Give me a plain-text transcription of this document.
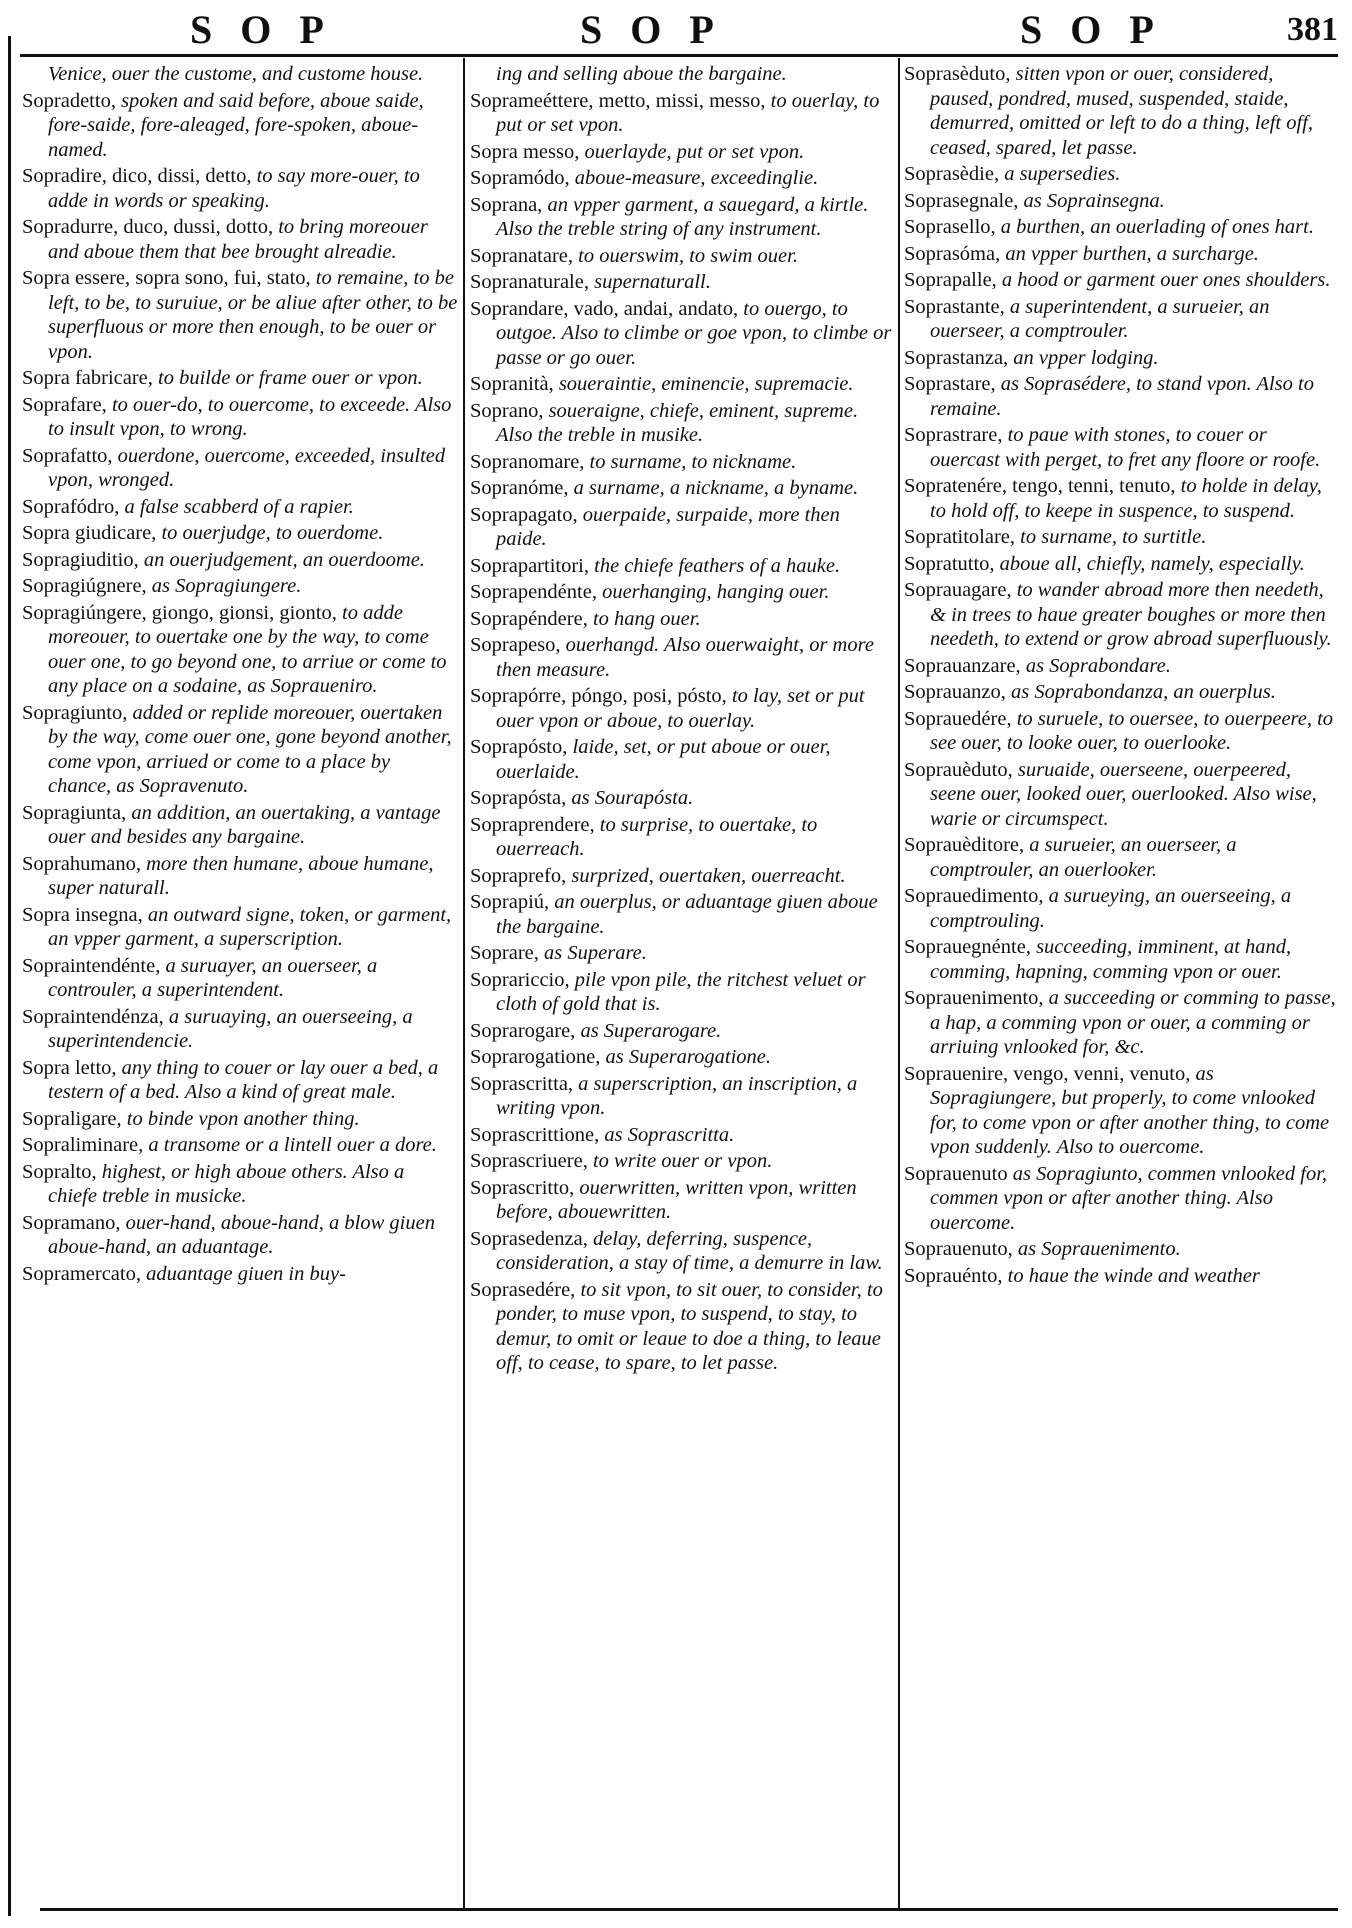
SOP	SOP	SOP	381

Venice, ouer the custome, and custome house.

Sopradetto, spoken and said before, aboue saide, fore-saide, fore-aleaged, fore-spoken, aboue-named.

Sopradire, dico, dissi, detto, to say more-ouer, to adde in words or speaking.

Sopradurre, duco, dussi, dotto, to bring moreouer and aboue them that bee brought alreadie.

Sopra essere, sopra sono, fui, stato, to remaine, to be left, to be, to suruiue, or be aliue after other, to be superfluous or more then enough, to be ouer or vpon.

Sopra fabricare, to builde or frame ouer or vpon.

Soprafare, to ouer-do, to ouercome, to exceede. Also to insult vpon, to wrong.

Soprafatto, ouerdone, ouercome, exceeded, insulted vpon, wronged.

Soprafódro, a false scabberd of a rapier.

Sopra giudicare, to ouerjudge, to ouerdome.

Sopragiuditio, an ouerjudgement, an ouerdoome.

Sopragiúgnere, as Sopragiungere.

Sopragiúngere, giongo, gionsi, gionto, to adde moreouer, to ouertake one by the way, to come ouer one, to go beyond one, to arriue or come to any place on a sodaine, as Sopraueniro.

Sopragiunto, added or replide moreouer, ouertaken by the way, come ouer one, gone beyond another, come vpon, arriued or come to a place by chance, as Sopravenuto.

Sopragiunta, an addition, an ouertaking, a vantage ouer and besides any bargaine.

Soprahumano, more then humane, aboue humane, super naturall.

Sopra insegna, an outward signe, token, or garment, an vpper garment, a superscription.

Sopraintendénte, a suruayer, an ouerseer, a controuler, a superintendent.

Sopraintendénza, a suruaying, an ouerseeing, a superintendencie.

Sopra letto, any thing to couer or lay ouer a bed, a testern of a bed. Also a kind of great male.

Sopraligare, to binde vpon another thing.

Sopraliminare, a transome or a lintell ouer a dore.

Sopralto, highest, or high aboue others. Also a chiefe treble in musicke.

Sopramano, ouer-hand, aboue-hand, a blow giuen aboue-hand, an aduantage.

Sopramercato, aduantage giuen in buy-

ing and selling aboue the bargaine.

Soprameéttere, metto, missi, messo, to ouerlay, to put or set vpon.

Sopra messo, ouerlayde, put or set vpon.

Sopramódo, aboue-measure, exceedinglie.

Soprana, an vpper garment, a sauegard, a kirtle. Also the treble string of any instrument.

Sopranatare, to ouerswim, to swim ouer.

Sopranaturale, supernaturall.

Soprandare, vado, andai, andato, to ouergo, to outgoe. Also to climbe or goe vpon, to climbe or passe or go ouer.

Sopranità, soueraintie, eminencie, supremacie.

Soprano, soueraigne, chiefe, eminent, supreme. Also the treble in musike.

Sopranomare, to surname, to nickname.

Sopranóme, a surname, a nickname, a byname.

Soprapagato, ouerpaide, surpaide, more then paide.

Soprapartitori, the chiefe feathers of a hauke.

Soprapendénte, ouerhanging, hanging ouer.

Soprapéndere, to hang ouer.

Soprapeso, ouerhangd. Also ouerwaight, or more then measure.

Soprapórre, póngo, posi, pósto, to lay, set or put ouer vpon or aboue, to ouerlay.

Soprapósto, laide, set, or put aboue or ouer, ouerlaide.

Soprapósta, as Sourapósta.

Sopraprendere, to surprise, to ouertake, to ouerreach.

Sopraprefo, surprized, ouertaken, ouerreacht.

Soprapiú, an ouerplus, or aduantage giuen aboue the bargaine.

Soprare, as Superare.

Soprariccio, pile vpon pile, the ritchest veluet or cloth of gold that is.

Soprarogare, as Superarogare.

Soprarogatione, as Superarogatione.

Soprascritta, a superscription, an inscription, a writing vpon.

Soprascrittione, as Soprascritta.

Soprascriuere, to write ouer or vpon.

Soprascritto, ouerwritten, written vpon, written before, abouewritten.

Soprasedenza, delay, deferring, suspence, consideration, a stay of time, a demurre in law.

Soprasedére, to sit vpon, to sit ouer, to consider, to ponder, to muse vpon, to suspend, to stay, to demur, to omit or leaue to doe a thing, to leaue off, to cease, to spare, to let passe.

Soprasèduto, sitten vpon or ouer, considered, paused, pondred, mused, suspended, staide, demurred, omitted or left to do a thing, left off, ceased, spared, let passe.

Soprasèdie, a supersedies.

Soprasegnale, as Soprainsegna.

Soprasello, a burthen, an ouerlading of ones hart.

Soprasóma, an vpper burthen, a surcharge.

Soprapalle, a hood or garment ouer ones shoulders.

Soprastante, a superintendent, a surueier, an ouerseer, a comptrouler.

Soprastanza, an vpper lodging.

Soprastare, as Soprasédere, to stand vpon. Also to remaine.

Soprastrare, to paue with stones, to couer or ouercast with perget, to fret any floore or roofe.

Sopratenére, tengo, tenni, tenuto, to holde in delay, to hold off, to keepe in suspence, to suspend.

Sopratitolare, to surname, to surtitle.

Sopratutto, aboue all, chiefly, namely, especially.

Soprauagare, to wander abroad more then needeth, & in trees to haue greater boughes or more then needeth, to extend or grow abroad superfluously.

Soprauanzare, as Soprabondare.

Soprauanzo, as Soprabondanza, an ouerplus.

Soprauedére, to suruele, to ouersee, to ouerpeere, to see ouer, to looke ouer, to ouerlooke.

Soprauèduto, suruaide, ouerseene, ouerpeered, seene ouer, looked ouer, ouerlooked. Also wise, warie or circumspect.

Soprauèditore, a surueier, an ouerseer, a comptrouler, an ouerlooker.

Soprauedimento, a surueying, an ouerseeing, a comptrouling.

Soprauegnénte, succeeding, imminent, at hand, comming, hapning, comming vpon or ouer.

Soprauenimento, a succeeding or comming to passe, a hap, a comming vpon or ouer, a comming or arriuing vnlooked for, &c.

Soprauenire, vengo, venni, venuto, as Sopragiungere, but properly, to come vnlooked for, to come vpon or after another thing, to come vpon suddenly. Also to ouercome.

Soprauenuto as Sopragiunto, commen vnlooked for, commen vpon or after another thing. Also ouercome.

Soprauenuto, as Soprauenimento.

Soprauénto, to haue the winde and weather
